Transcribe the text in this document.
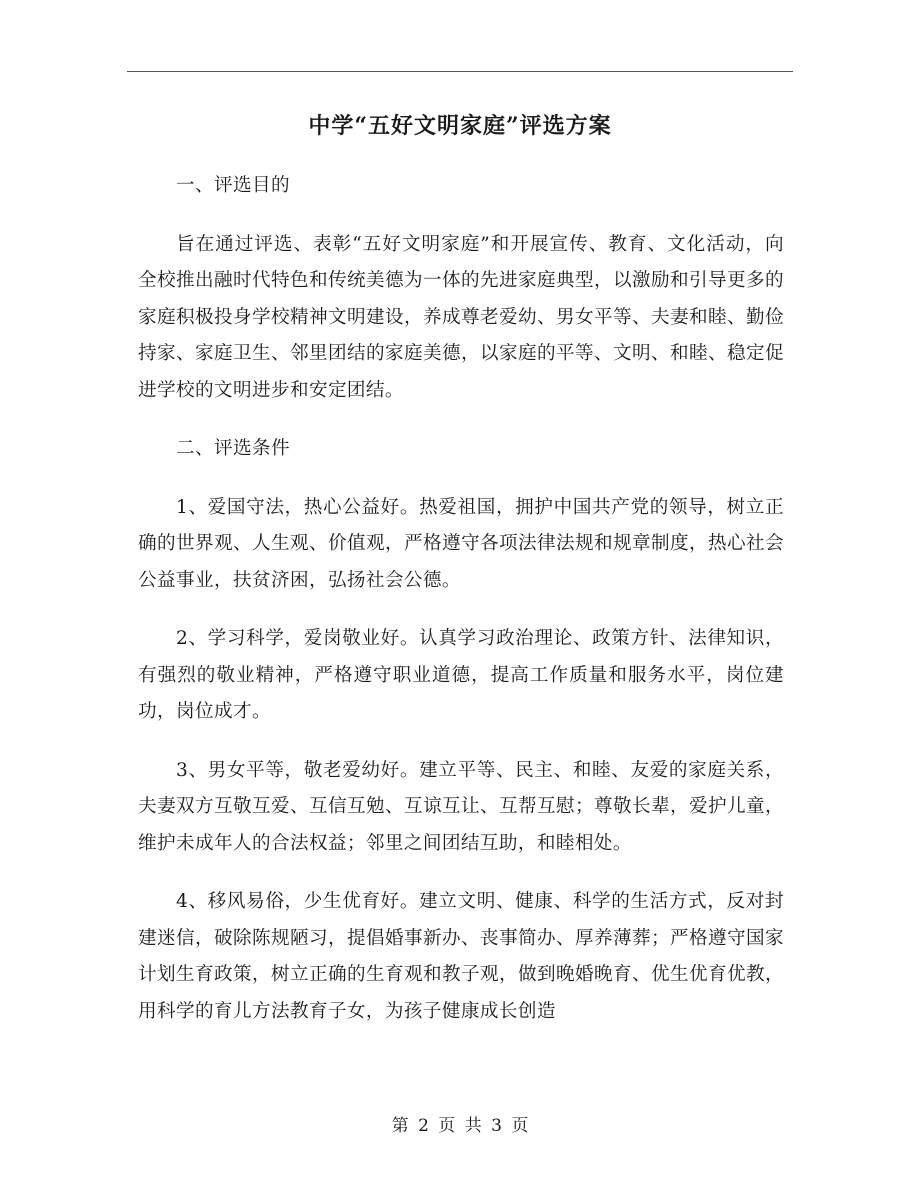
中学“五好文明家庭”评选方案
一、评选目的

旨在通过评选、表彰“五好文明家庭”和开展宣传、教育、文化活动，向全校推出融时代特色和传统美德为一体的先进家庭典型，以激励和引导更多的家庭积极投身学校精神文明建设，养成尊老爱幼、男女平等、夫妻和睦、勤俭持家、家庭卫生、邻里团结的家庭美德，以家庭的平等、文明、和睦、稳定促进学校的文明进步和安定团结。

二、评选条件

1、爱国守法，热心公益好。热爱祖国，拥护中国共产党的领导，树立正确的世界观、人生观、价值观，严格遵守各项法律法规和规章制度，热心社会公益事业，扶贫济困，弘扬社会公德。

2、学习科学，爱岗敬业好。认真学习政治理论、政策方针、法律知识，有强烈的敬业精神，严格遵守职业道德，提高工作质量和服务水平，岗位建功，岗位成才。

3、男女平等，敬老爱幼好。建立平等、民主、和睦、友爱的家庭关系，夫妻双方互敬互爱、互信互勉、互谅互让、互帮互慰；尊敬长辈，爱护儿童，维护未成年人的合法权益；邻里之间团结互助，和睦相处。

4、移风易俗，少生优育好。建立文明、健康、科学的生活方式，反对封建迷信，破除陈规陋习，提倡婚事新办、丧事简办、厚养薄葬；严格遵守国家计划生育政策，树立正确的生育观和教子观，做到晚婚晚育、优生优育优教，用科学的育儿方法教育子女，为孩子健康成长创造

第 2 页 共 3 页
